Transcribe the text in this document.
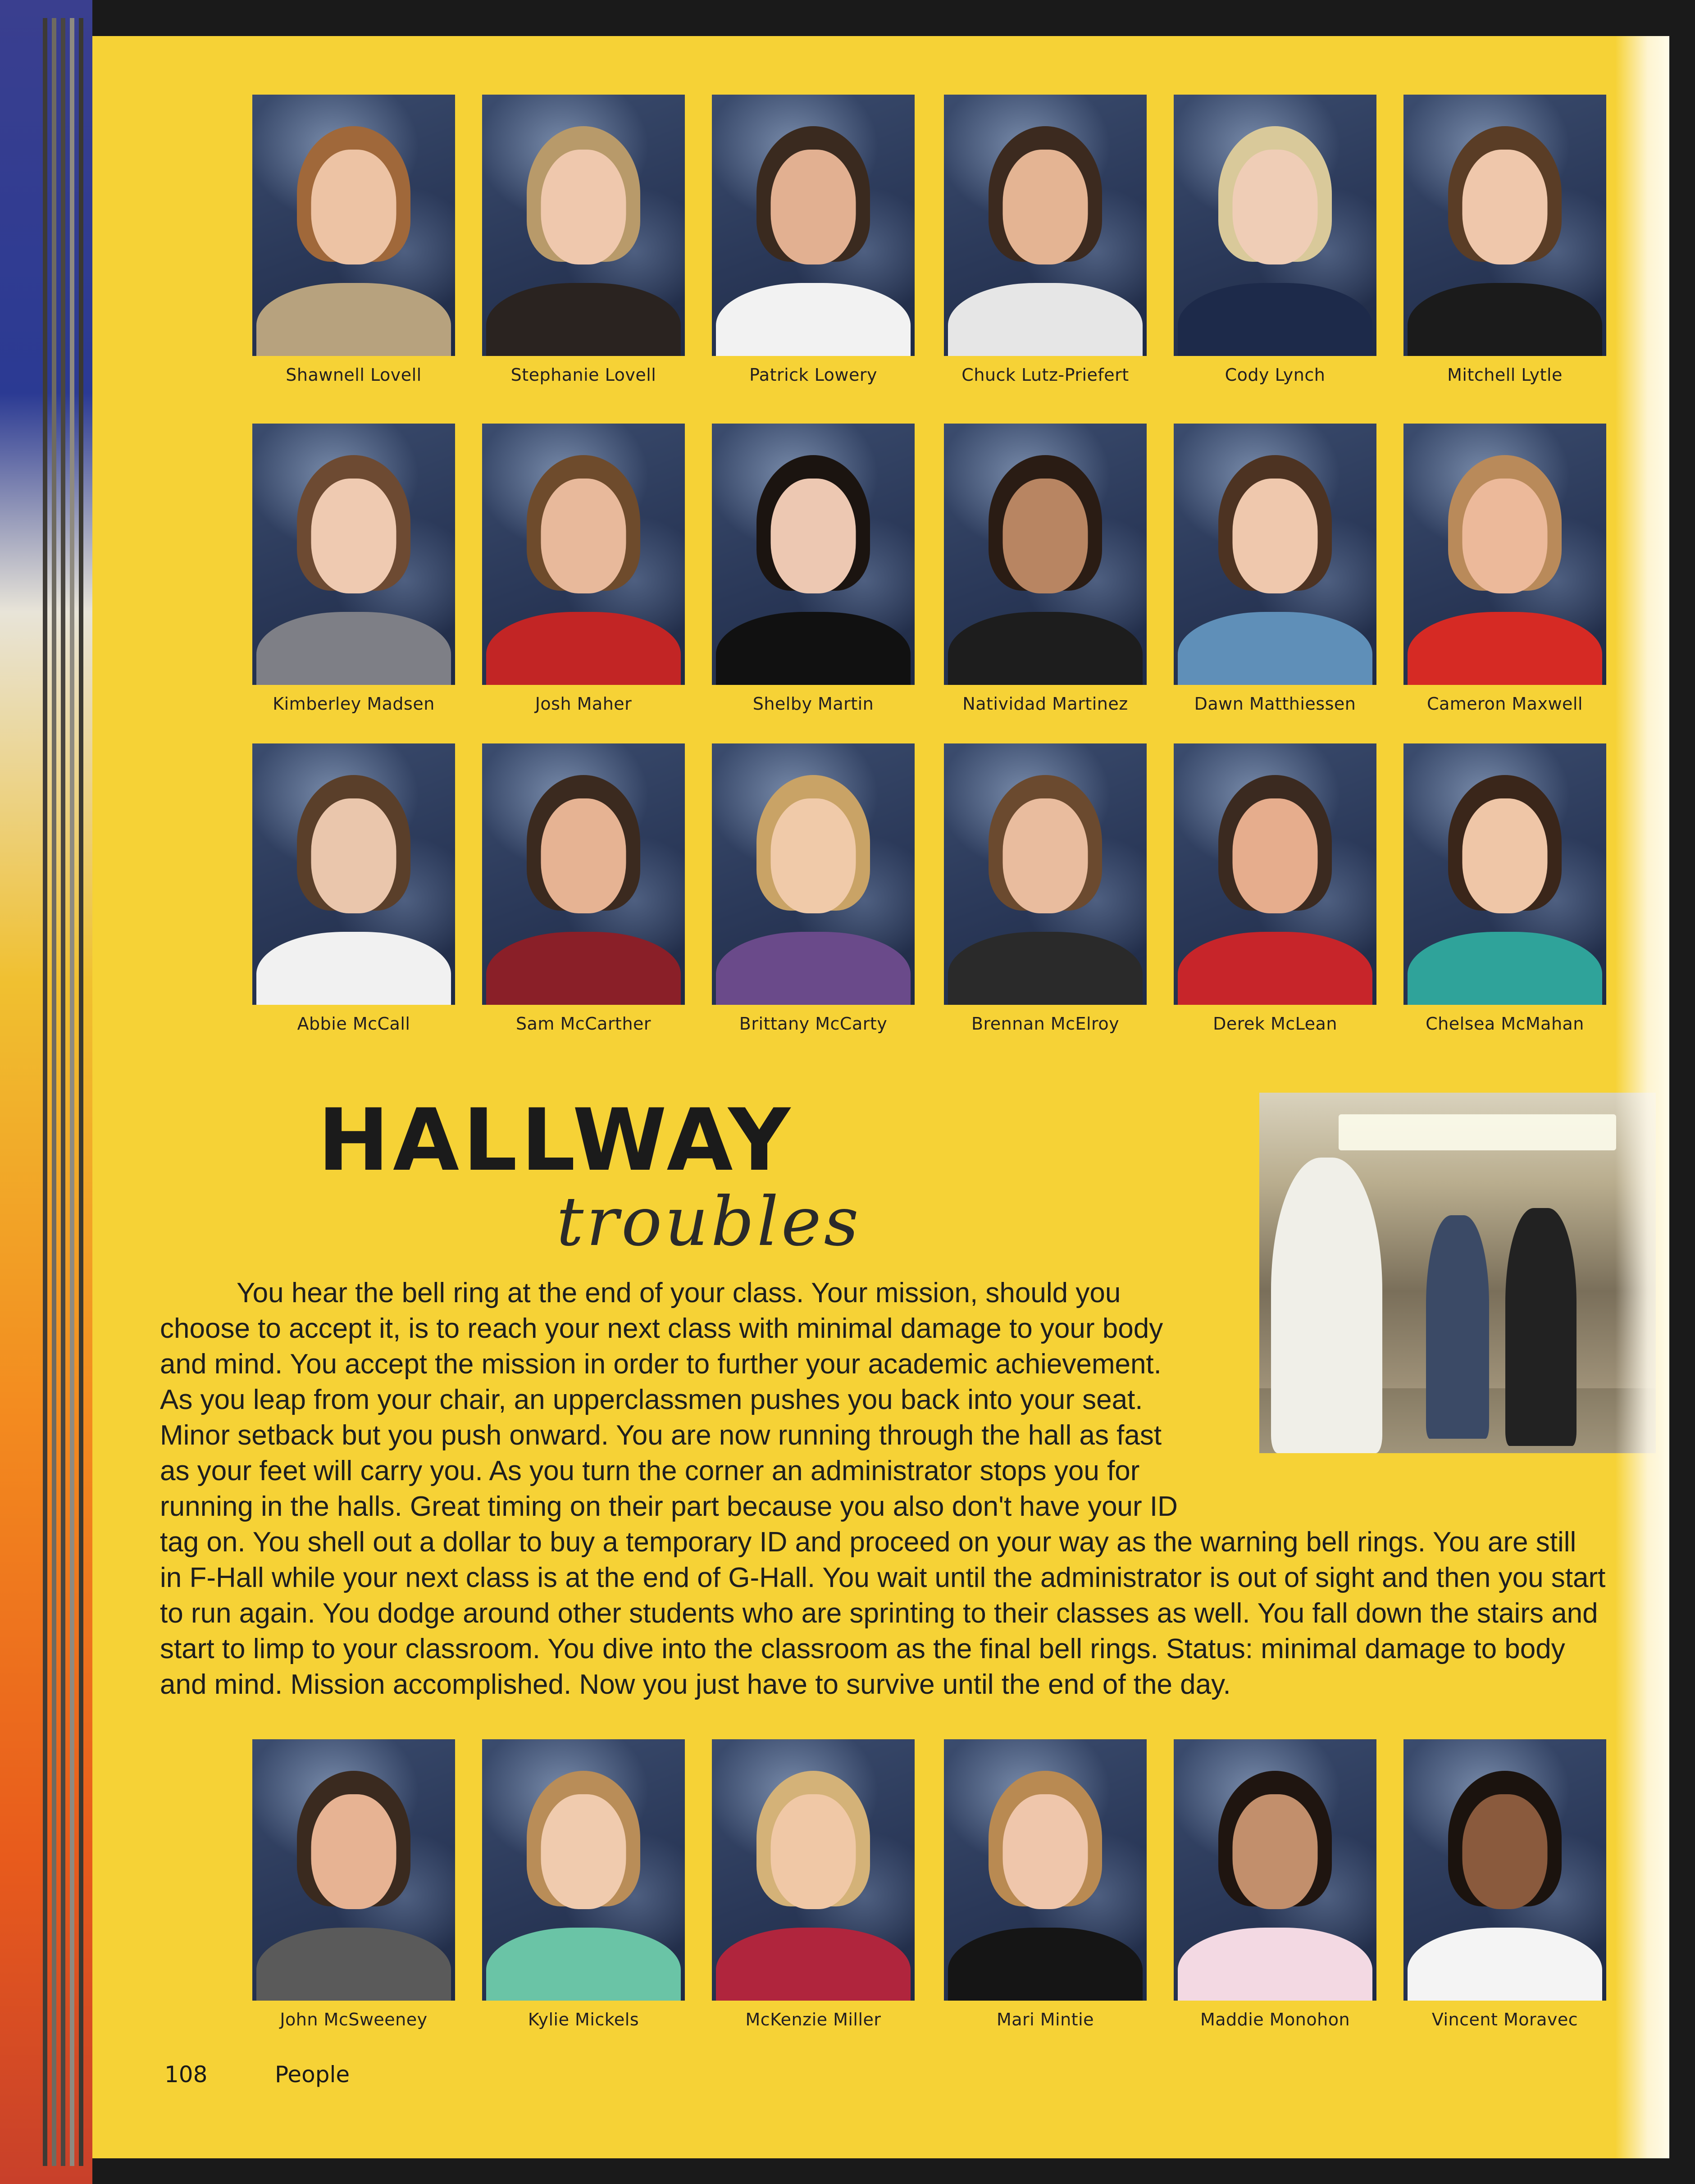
Shawnell Lovell	Stephanie Lovell	Patrick Lowery	Chuck Lutz-Priefert	Cody Lynch	Mitchell Lytle
Kimberley Madsen	Josh Maher	Shelby Martin	Natividad Martinez	Dawn Matthiessen	Cameron Maxwell
Abbie McCall	Sam McCarther	Brittany McCarty	Brennan McElroy	Derek McLean	Chelsea McMahan
John McSweeney	Kylie Mickels	McKenzie Miller	Mari Mintie	Maddie Monohon	Vincent Moravec
HALLWAY
troubles
You hear the bell ring at the end of your class. Your mission, should you
choose to accept it, is to reach your next class with minimal damage to your body
and mind. You accept the mission in order to further your academic achievement.
As you leap from your chair, an upperclassmen pushes you back into your seat.
Minor setback but you push onward. You are now running through the hall as fast
as your feet will carry you. As you turn the corner an administrator stops you for
running in the halls. Great timing on their part because you also don't have your ID
tag on. You shell out a dollar to buy a temporary ID and proceed on your way as the warning bell rings. You are still
in F-Hall while your next class is at the end of G-Hall. You wait until the administrator is out of sight and then you start
to run again. You dodge around other students who are sprinting to their classes as well. You fall down the stairs and
start to limp to your classroom. You dive into the classroom as the final bell rings. Status: minimal damage to body
and mind. Mission accomplished. Now you just have to survive until the end of the day.
108	People
